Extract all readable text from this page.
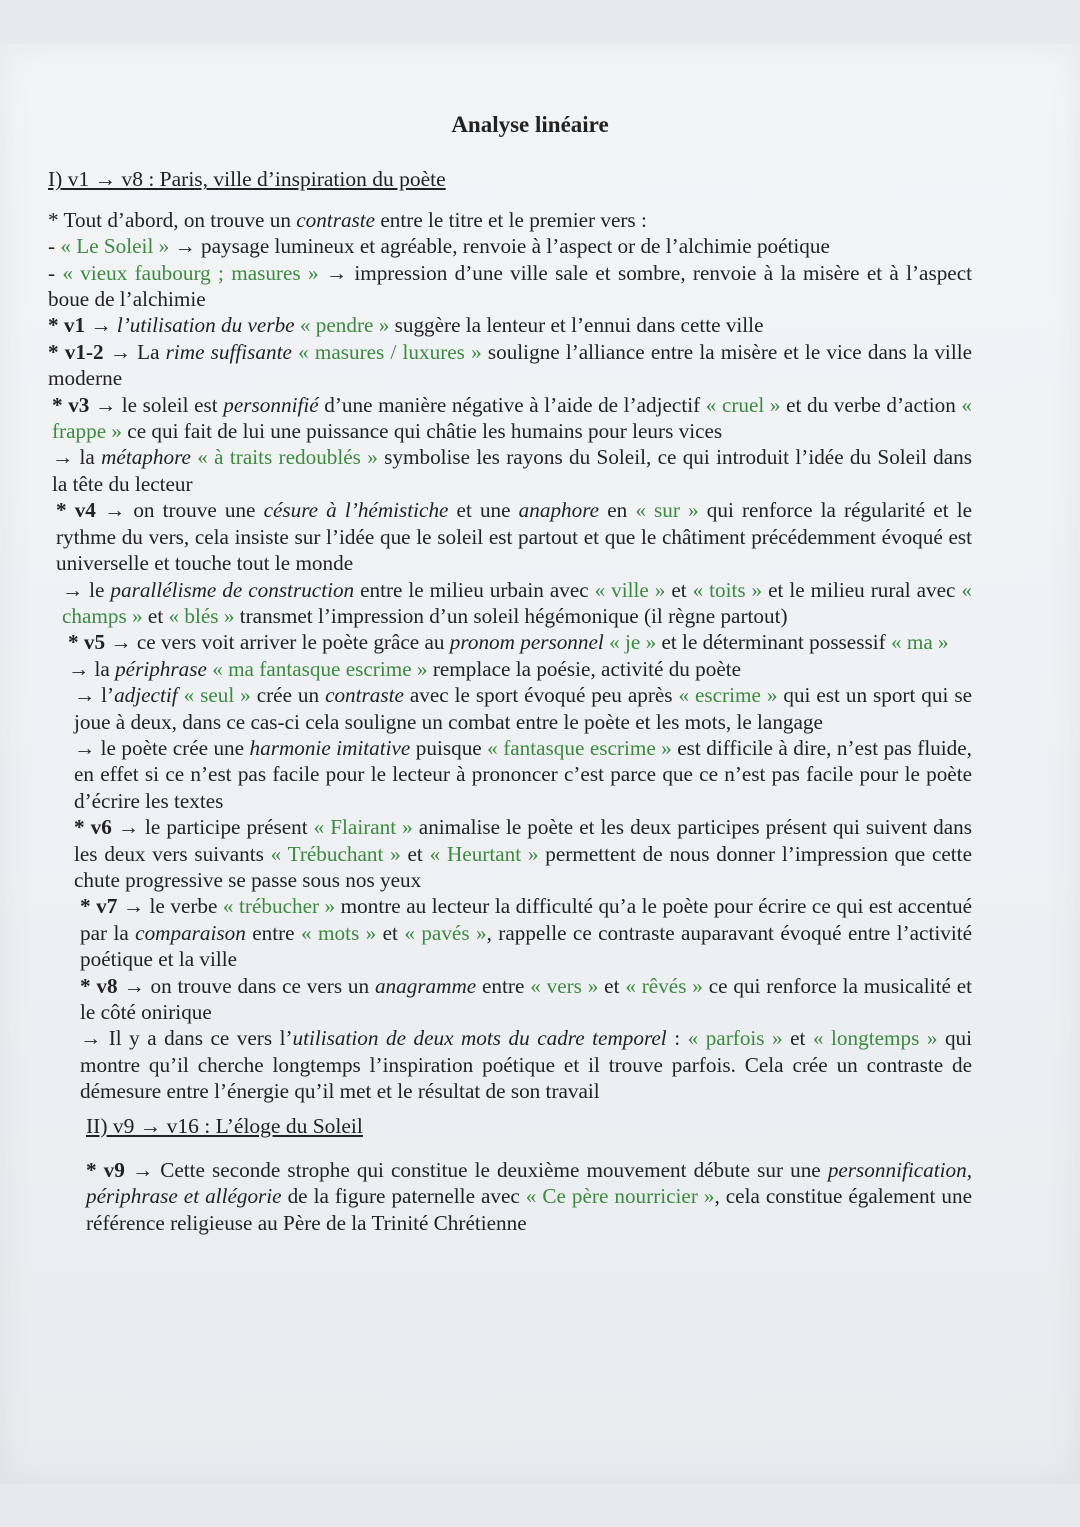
Analyse linéaire
I) v1 → v8 : Paris, ville d’inspiration du poète

* Tout d’abord, on trouve un contraste entre le titre et le premier vers :

- « Le Soleil » → paysage lumineux et agréable, renvoie à l’aspect or de l’alchimie poétique

- « vieux faubourg ; masures » → impression d’une ville sale et sombre, renvoie à la misère et à l’aspect boue de l’alchimie

* v1 → l’utilisation du verbe « pendre » suggère la lenteur et l’ennui dans cette ville

* v1-2 → La rime suffisante « masures / luxures » souligne l’alliance entre la misère et le vice dans la ville moderne

* v3 → le soleil est personnifié d’une manière négative à l’aide de l’adjectif « cruel » et du verbe d’action « frappe » ce qui fait de lui une puissance qui châtie les humains pour leurs vices

→ la métaphore « à traits redoublés » symbolise les rayons du Soleil, ce qui introduit l’idée du Soleil dans la tête du lecteur

* v4 → on trouve une césure à l’hémistiche et une anaphore en « sur » qui renforce la régularité et le rythme du vers, cela insiste sur l’idée que le soleil est partout et que le châtiment précédemment évoqué est universelle et touche tout le monde

→ le parallélisme de construction entre le milieu urbain avec « ville » et « toits » et le milieu rural avec « champs » et « blés » transmet l’impression d’un soleil hégémonique (il règne partout)

* v5 → ce vers voit arriver le poète grâce au pronom personnel « je » et le déterminant possessif « ma »

→ la périphrase « ma fantasque escrime » remplace la poésie, activité du poète

→ l’adjectif « seul » crée un contraste avec le sport évoqué peu après « escrime » qui est un sport qui se joue à deux, dans ce cas-ci cela souligne un combat entre le poète et les mots, le langage

→ le poète crée une harmonie imitative puisque « fantasque escrime » est difficile à dire, n’est pas fluide, en effet si ce n’est pas facile pour le lecteur à prononcer c’est parce que ce n’est pas facile pour le poète d’écrire les textes

* v6 → le participe présent « Flairant » animalise le poète et les deux participes présent qui suivent dans les deux vers suivants « Trébuchant » et « Heurtant » permettent de nous donner l’impression que cette chute progressive se passe sous nos yeux

* v7 → le verbe « trébucher » montre au lecteur la difficulté qu’a le poète pour écrire ce qui est accentué par la comparaison entre « mots » et « pavés », rappelle ce contraste auparavant évoqué entre l’activité poétique et la ville

* v8 → on trouve dans ce vers un anagramme entre « vers » et « rêvés » ce qui renforce la musicalité et le côté onirique

→ Il y a dans ce vers l’utilisation de deux mots du cadre temporel : « parfois » et « longtemps » qui montre qu’il cherche longtemps l’inspiration poétique et il trouve parfois. Cela crée un contraste de démesure entre l’énergie qu’il met et le résultat de son travail

II) v9 → v16 : L’éloge du Soleil

* v9 → Cette seconde strophe qui constitue le deuxième mouvement débute sur une personnification, périphrase et allégorie de la figure paternelle avec « Ce père nourricier », cela constitue également une référence religieuse au Père de la Trinité Chrétienne
